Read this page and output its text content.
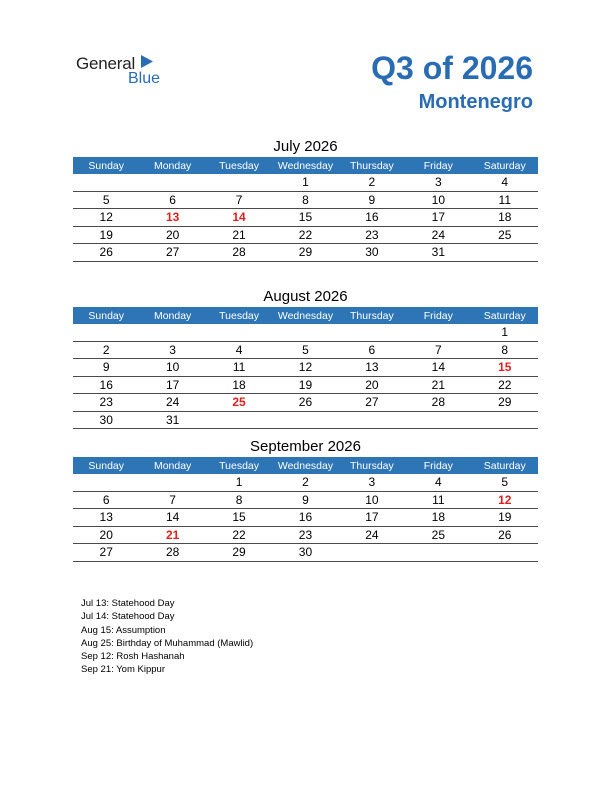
General
Blue	Q3 of 2026
Montenegro
July 2026
Sunday	Monday	Tuesday	Wednesday	Thursday	Friday	Saturday
			1	2	3	4
5	6	7	8	9	10	11
12	13	14	15	16	17	18
19	20	21	22	23	24	25
26	27	28	29	30	31	
August 2026
Sunday	Monday	Tuesday	Wednesday	Thursday	Friday	Saturday
						1
2	3	4	5	6	7	8
9	10	11	12	13	14	15
16	17	18	19	20	21	22
23	24	25	26	27	28	29
30	31					
September 2026
Sunday	Monday	Tuesday	Wednesday	Thursday	Friday	Saturday
		1	2	3	4	5
6	7	8	9	10	11	12
13	14	15	16	17	18	19
20	21	22	23	24	25	26
27	28	29	30			
Jul 13: Statehood Day
Jul 14: Statehood Day
Aug 15: Assumption
Aug 25: Birthday of Muhammad (Mawlid)
Sep 12: Rosh Hashanah
Sep 21: Yom Kippur
